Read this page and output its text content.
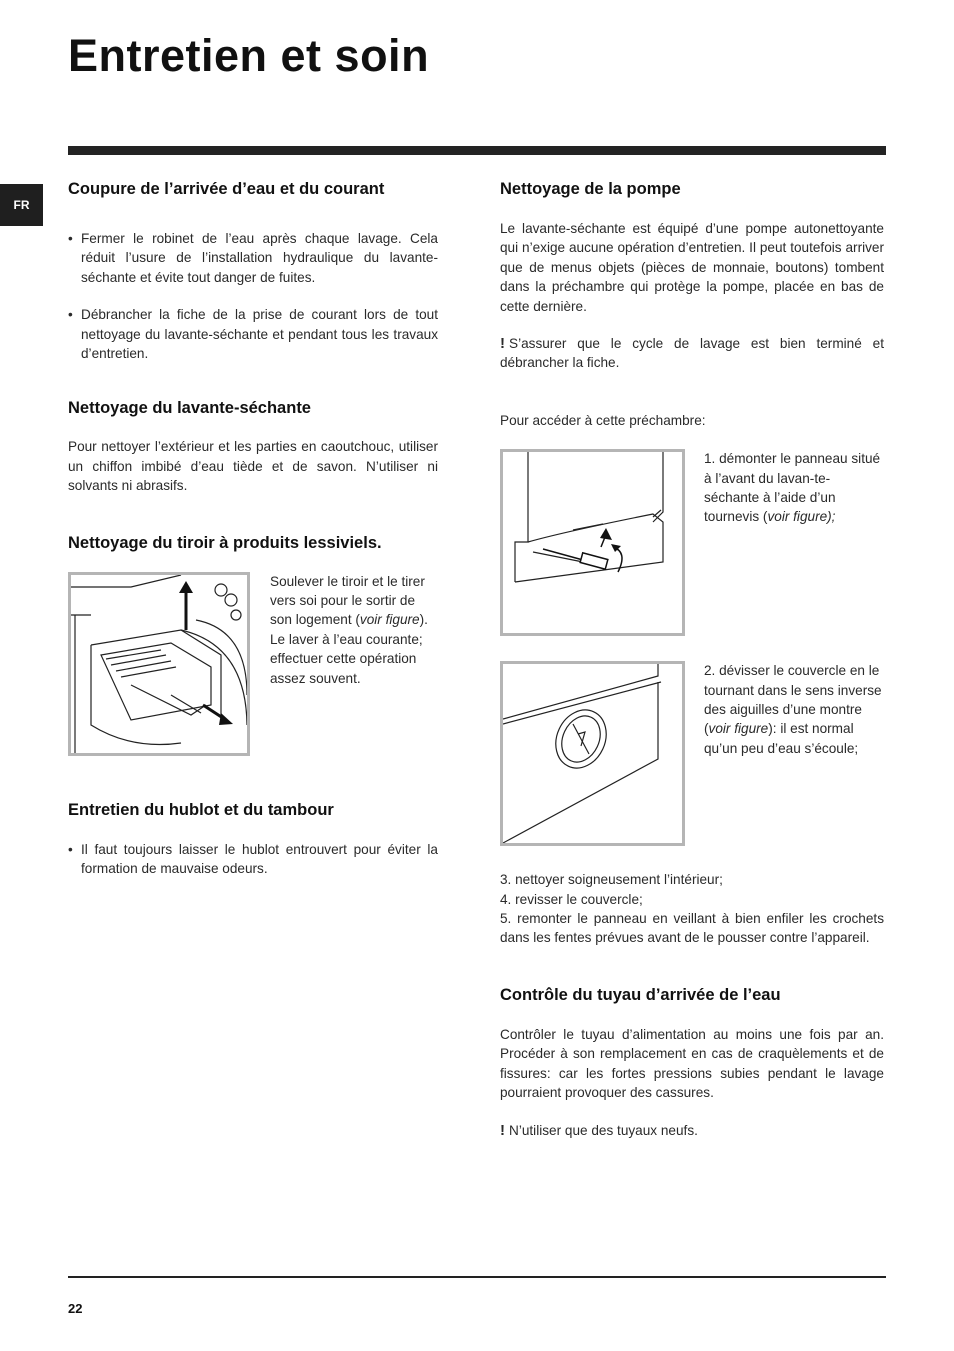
Entretien et soin
FR
Coupure de l’arrivée d’eau et du courant
• Fermer le robinet de l’eau après chaque lavage. Cela réduit l’usure de l’installation hydraulique du lavante-séchante et évite tout danger de fuites.
• Débrancher la fiche de la prise de courant lors de tout nettoyage du lavante-séchante et pendant tous les travaux d’entretien.
Nettoyage du lavante-séchante

Pour nettoyer l’extérieur et les parties en caoutchouc, utiliser un chiffon imbibé d’eau tiède et de savon. N’utiliser ni solvants ni abrasifs.

Nettoyage du tiroir à produits lessiviels.
Soulever le tiroir et le tirer vers soi pour le sortir de son logement (voir figure).
Le laver à l’eau courante; effectuer cette opération assez souvent.
Entretien du hublot et du tambour
• Il faut toujours laisser le hublot entrouvert pour éviter la formation de mauvaise odeurs.
Nettoyage de la pompe

Le lavante-séchante est équipé d’une pompe autonettoyante qui n’exige aucune opération d’entretien. Il peut toutefois arriver que de menus objets (pièces de monnaie, boutons) tombent dans la préchambre qui protège la pompe, placée en bas de cette dernière.

! S’assurer que le cycle de lavage est bien terminé et débrancher la fiche.

Pour accéder à cette préchambre:

1. démonter le panneau situé à l’avant du lavan-te-séchante à l’aide d’un tournevis (voir figure);
2. dévisser le couvercle en le tournant dans le sens inverse des aiguilles d’une montre (voir figure): il est normal qu’un peu d’eau s’écoule;

3. nettoyer soigneusement l’intérieur;

4. revisser le couvercle;

5. remonter le panneau en veillant à bien enfiler les crochets dans les fentes prévues avant de le pousser contre l’appareil.

Contrôle du tuyau d’arrivée de l’eau

Contrôler le tuyau d’alimentation au moins une fois par an. Procéder à son remplacement en cas de craquèlements et de fissures: car les fortes pressions subies pendant le lavage pourraient provoquer des cassures.

! N’utiliser que des tuyaux neufs.

22
